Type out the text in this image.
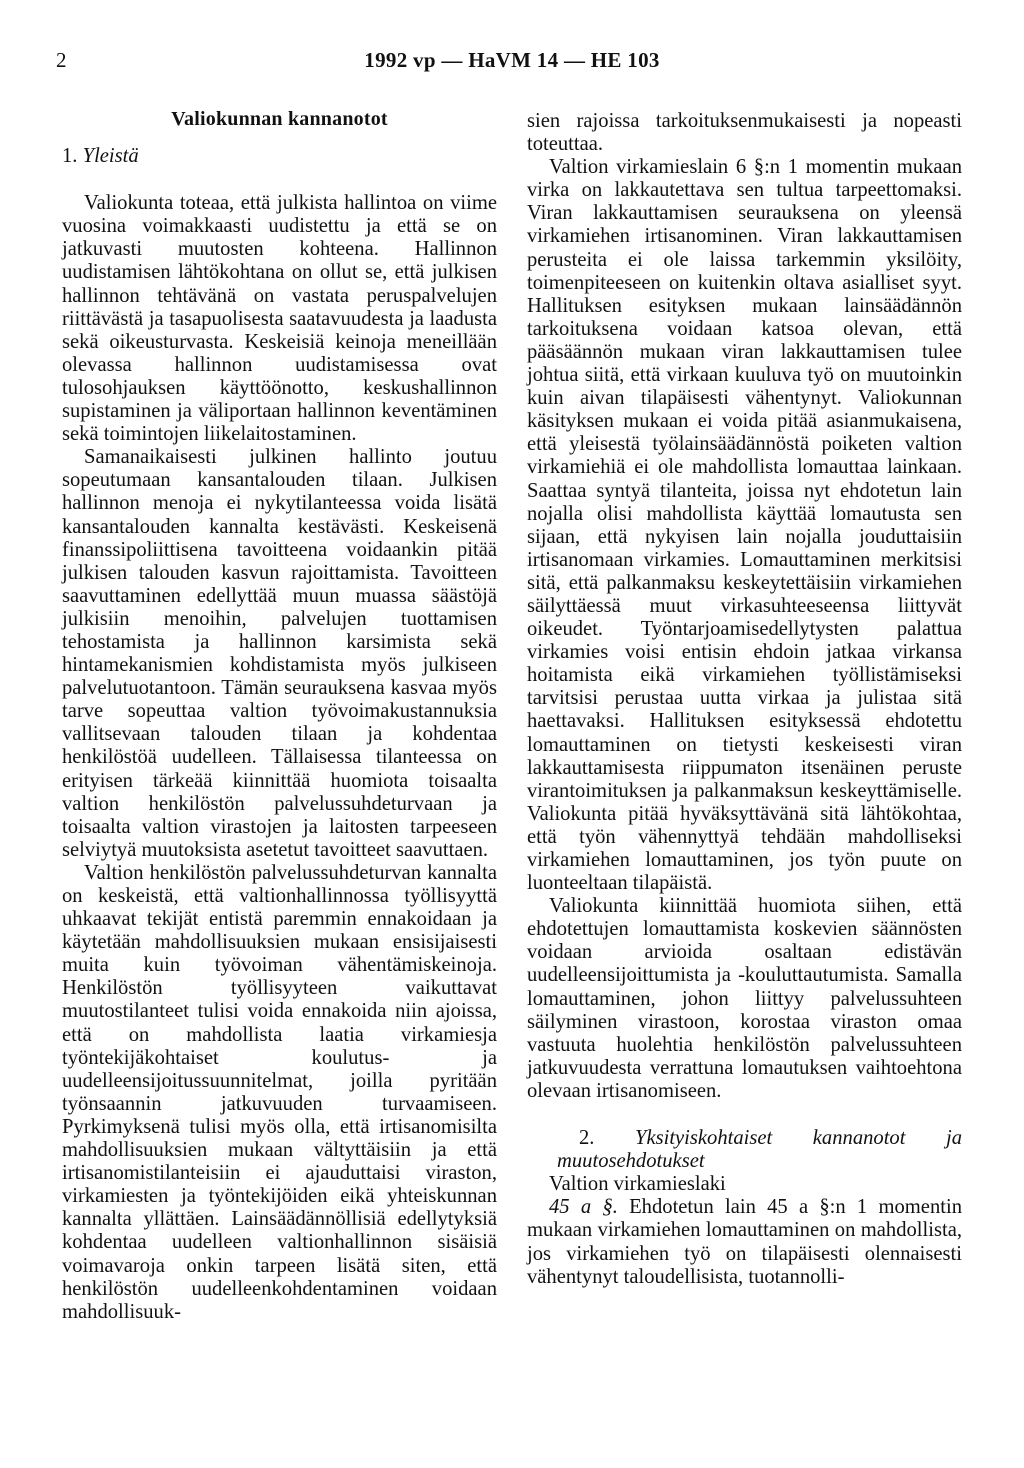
2	1992 vp — HaVM 14 — HE 103
Valiokunnan kannanotot
1. Yleistä

Valiokunta toteaa, että julkista hallintoa on viime vuosina voimakkaasti uudistettu ja että se on jatkuvasti muutosten kohteena. Hallinnon uudistamisen lähtökohtana on ollut se, että julkisen hallinnon tehtävänä on vastata peruspalvelujen riittävästä ja tasapuolisesta saatavuudesta ja laadusta sekä oikeusturvasta. Keskeisiä keinoja meneillään olevassa hallinnon uudistamisessa ovat tulosohjauksen käyttöönotto, keskushallinnon supistaminen ja väliportaan hallinnon keventäminen sekä toimintojen liikelaitostaminen.

Samanaikaisesti julkinen hallinto joutuu sopeutumaan kansantalouden tilaan. Julkisen hallinnon menoja ei nykytilanteessa voida lisätä kansantalouden kannalta kestävästi. Keskeisenä finanssipoliittisena tavoitteena voidaankin pitää julkisen talouden kasvun rajoittamista. Tavoitteen saavuttaminen edellyttää muun muassa säästöjä julkisiin menoihin, palvelujen tuottamisen tehostamista ja hallinnon karsimista sekä hintamekanismien kohdistamista myös julkiseen palvelutuotantoon. Tämän seurauksena kasvaa myös tarve sopeuttaa valtion työvoimakustannuksia vallitsevaan talouden tilaan ja kohdentaa henkilöstöä uudelleen. Tällaisessa tilanteessa on erityisen tärkeää kiinnittää huomiota toisaalta valtion henkilöstön palvelussuhdeturvaan ja toisaalta valtion virastojen ja laitosten tarpeeseen selviytyä muutoksista asetetut tavoitteet saavuttaen.

Valtion henkilöstön palvelussuhdeturvan kannalta on keskeistä, että valtionhallinnossa työllisyyttä uhkaavat tekijät entistä paremmin ennakoidaan ja käytetään mahdollisuuksien mukaan ensisijaisesti muita kuin työvoiman vähentämiskeinoja. Henkilöstön työllisyyteen vaikuttavat muutostilanteet tulisi voida ennakoida niin ajoissa, että on mahdollista laatia virkamiesja työntekijäkohtaiset koulutus- ja uudelleensijoitussuunnitelmat, joilla pyritään työnsaannin jatkuvuuden turvaamiseen. Pyrkimyksenä tulisi myös olla, että irtisanomisilta mahdollisuuksien mukaan vältyttäisiin ja että irtisanomistilanteisiin ei ajauduttaisi viraston, virkamiesten ja työntekijöiden eikä yhteiskunnan kannalta yllättäen. Lainsäädännöllisiä edellytyksiä kohdentaa uudelleen valtionhallinnon sisäisiä voimavaroja onkin tarpeen lisätä siten, että henkilöstön uudelleenkohdentaminen voidaan mahdollisuuk-

sien rajoissa tarkoituksenmukaisesti ja nopeasti toteuttaa.

Valtion virkamieslain 6 §:n 1 momentin mukaan virka on lakkautettava sen tultua tarpeettomaksi. Viran lakkauttamisen seurauksena on yleensä virkamiehen irtisanominen. Viran lakkauttamisen perusteita ei ole laissa tarkemmin yksilöity, toimenpiteeseen on kuitenkin oltava asialliset syyt. Hallituksen esityksen mukaan lainsäädännön tarkoituksena voidaan katsoa olevan, että pääsäännön mukaan viran lakkauttamisen tulee johtua siitä, että virkaan kuuluva työ on muutoinkin kuin aivan tilapäisesti vähentynyt. Valiokunnan käsityksen mukaan ei voida pitää asianmukaisena, että yleisestä työlainsäädännöstä poiketen valtion virkamiehiä ei ole mahdollista lomauttaa lainkaan. Saattaa syntyä tilanteita, joissa nyt ehdotetun lain nojalla olisi mahdollista käyttää lomautusta sen sijaan, että nykyisen lain nojalla jouduttaisiin irtisanomaan virkamies. Lomauttaminen merkitsisi sitä, että palkanmaksu keskeytettäisiin virkamiehen säilyttäessä muut virkasuhteeseensa liittyvät oikeudet. Työntarjoamisedellytysten palattua virkamies voisi entisin ehdoin jatkaa virkansa hoitamista eikä virkamiehen työllistämiseksi tarvitsisi perustaa uutta virkaa ja julistaa sitä haettavaksi. Hallituksen esityksessä ehdotettu lomauttaminen on tietysti keskeisesti viran lakkauttamisesta riippumaton itsenäinen peruste virantoimituksen ja palkanmaksun keskeyttämiselle. Valiokunta pitää hyväksyttävänä sitä lähtökohtaa, että työn vähennyttyä tehdään mahdolliseksi virkamiehen lomauttaminen, jos työn puute on luonteeltaan tilapäistä.

Valiokunta kiinnittää huomiota siihen, että ehdotettujen lomauttamista koskevien säännösten voidaan arvioida osaltaan edistävän uudelleensijoittumista ja -kouluttautumista. Samalla lomauttaminen, johon liittyy palvelussuhteen säilyminen virastoon, korostaa viraston omaa vastuuta huolehtia henkilöstön palvelussuhteen jatkuvuudesta verrattuna lomautuksen vaihtoehtona olevaan irtisanomiseen.

2. Yksityiskohtaiset kannanotot ja muutosehdotukset

Valtion virkamieslaki

45 a §. Ehdotetun lain 45 a §:n 1 momentin mukaan virkamiehen lomauttaminen on mahdollista, jos virkamiehen työ on tilapäisesti olennaisesti vähentynyt taloudellisista, tuotannolli-
